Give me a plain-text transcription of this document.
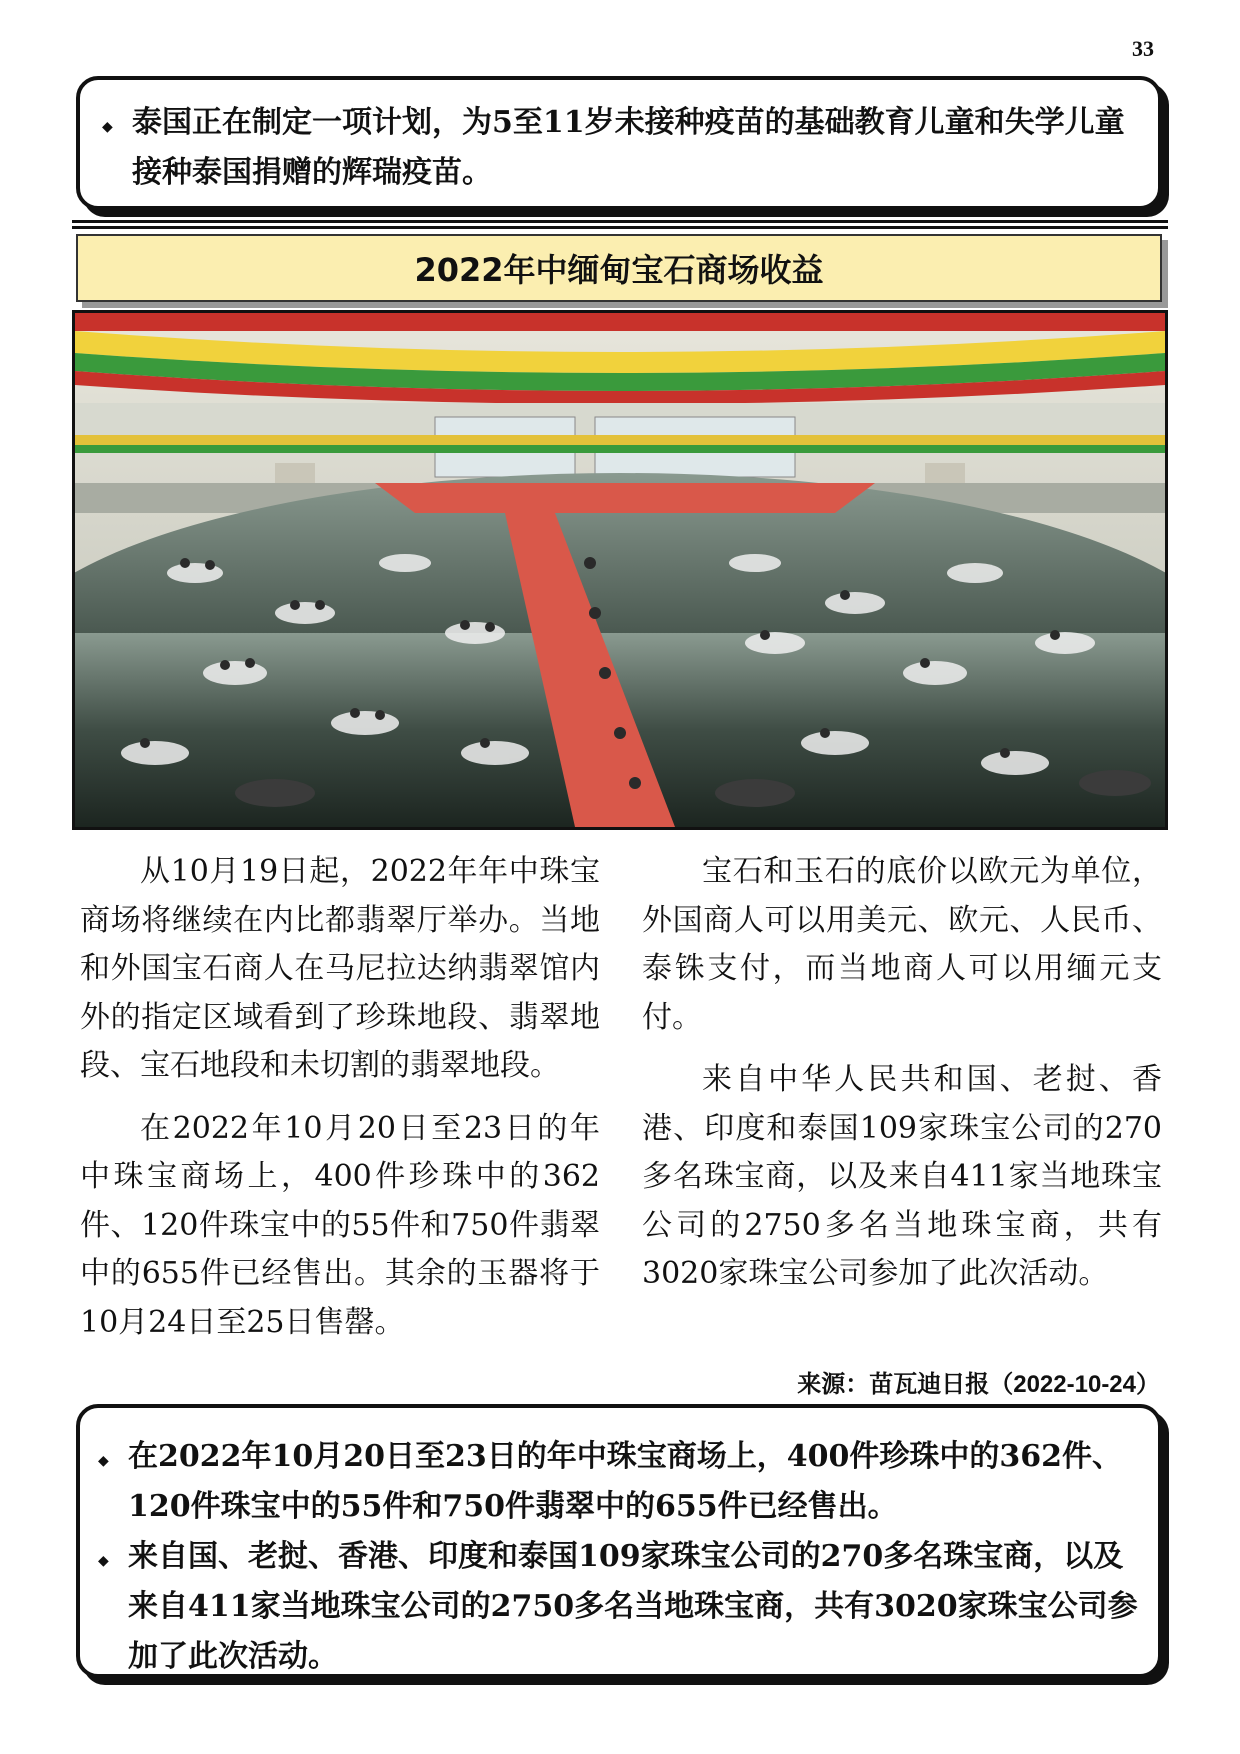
33
◆ 泰国正在制定一项计划，为5至11岁未接种疫苗的基础教育儿童和失学儿童接种泰国捐赠的辉瑞疫苗。
2022年中缅甸宝石商场收益

从10月19日起，2022年年中珠宝商场将继续在内比都翡翠厅举办。当地和外国宝石商人在马尼拉达纳翡翠馆内外的指定区域看到了珍珠地段、翡翠地段、宝石地段和未切割的翡翠地段。

在2022年10月20日至23日的年中珠宝商场上，400件珍珠中的362件、120件珠宝中的55件和750件翡翠中的655件已经售出。其余的玉器将于10月24日至25日售罄。

宝石和玉石的底价以欧元为单位，外国商人可以用美元、欧元、人民币、泰铢支付，而当地商人可以用缅元支付。

来自中华人民共和国、老挝、香港、印度和泰国109家珠宝公司的270多名珠宝商，以及来自411家当地珠宝公司的2750多名当地珠宝商，共有3020家珠宝公司参加了此次活动。

来源：苗瓦迪日报（2022-10-24）
◆ 在2022年10月20日至23日的年中珠宝商场上，400件珍珠中的362件、120件珠宝中的55件和750件翡翠中的655件已经售出。
◆ 来自国、老挝、香港、印度和泰国109家珠宝公司的270多名珠宝商，以及来自411家当地珠宝公司的2750多名当地珠宝商，共有3020家珠宝公司参加了此次活动。
